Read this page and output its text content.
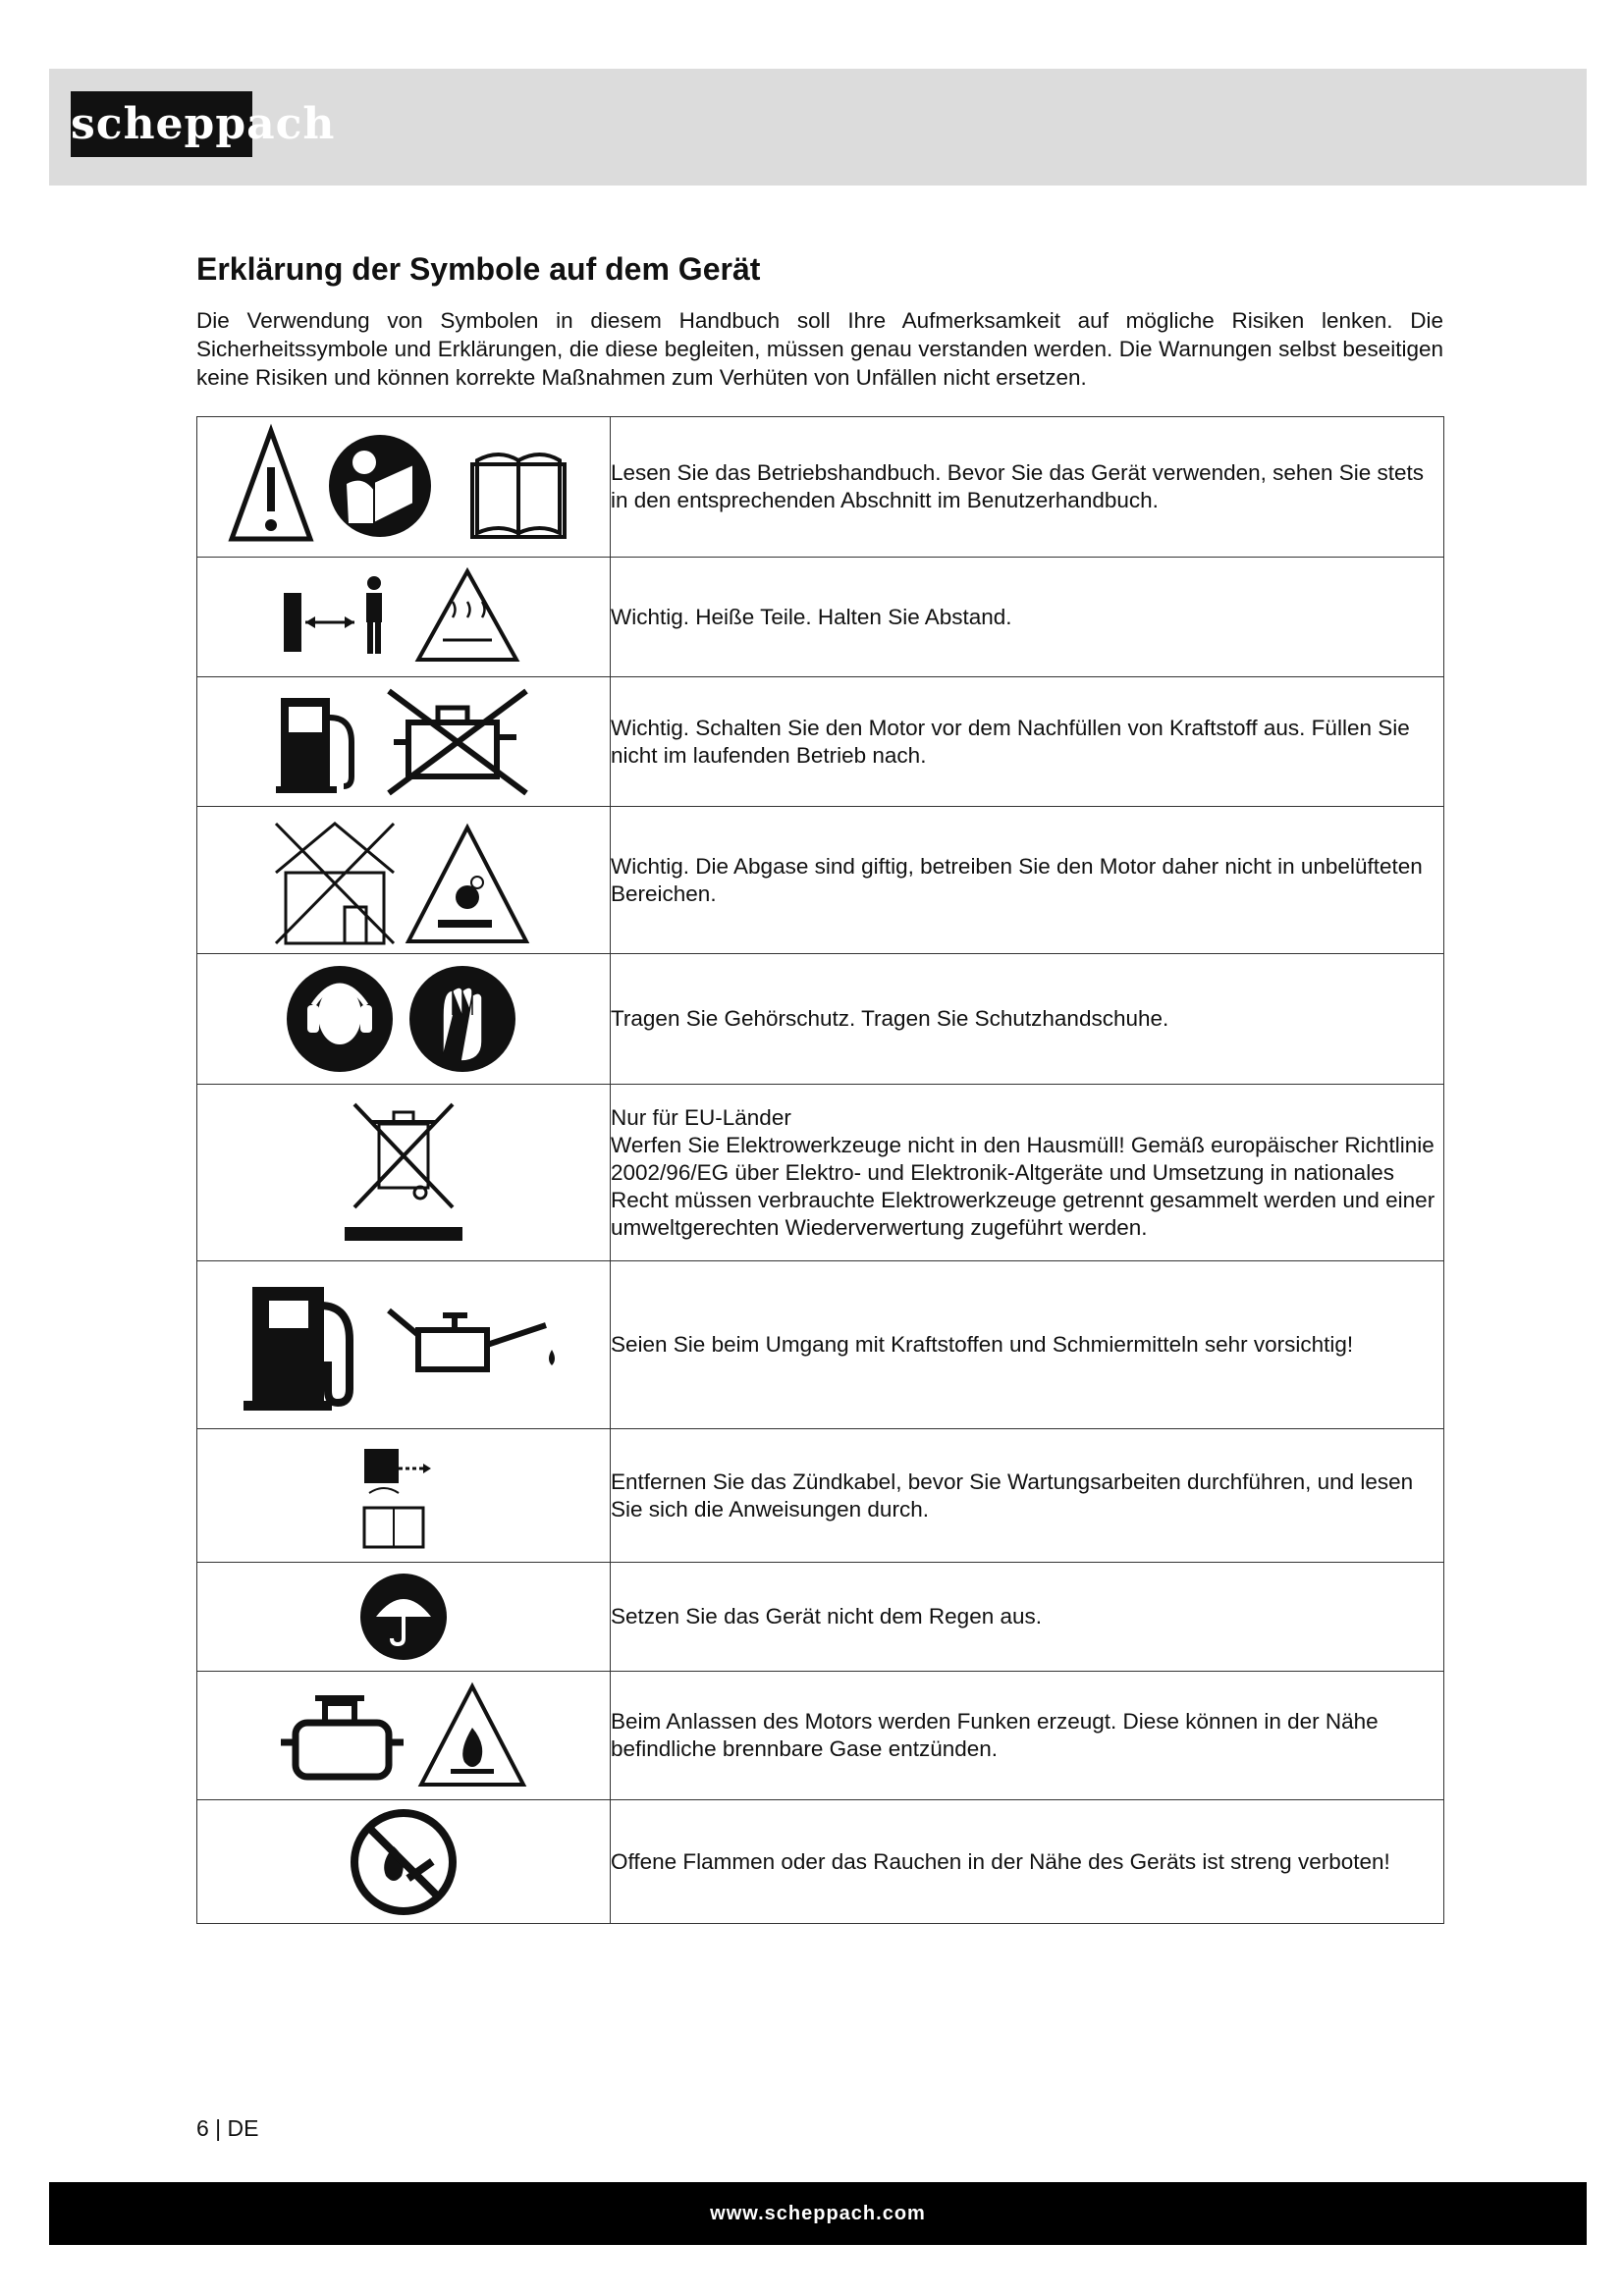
scheppach
Erklärung der Symbole auf dem Gerät

Die Verwendung von Symbolen in diesem Handbuch soll Ihre Aufmerksamkeit auf mögliche Risiken lenken. Die Sicherheitssymbole und Erklärungen, die diese begleiten, müssen genau verstanden werden. Die Warnungen selbst beseitigen keine Risiken und können korrekte Maßnahmen zum Verhüten von Unfällen nicht ersetzen.

	Lesen Sie das Betriebshandbuch. Bevor Sie das Gerät verwenden, sehen Sie stets in den entsprechenden Abschnitt im Benutzerhandbuch.

	Wichtig. Heiße Teile. Halten Sie Abstand.

	Wichtig. Schalten Sie den Motor vor dem Nachfüllen von Kraftstoff aus. Füllen Sie nicht im laufenden Betrieb nach.

	Wichtig. Die Abgase sind giftig, betreiben Sie den Motor daher nicht in unbelüfteten Bereichen.

	Tragen Sie Gehörschutz. Tragen Sie Schutzhandschuhe.

Nur für EU-Länder
Werfen Sie Elektrowerkzeuge nicht in den Hausmüll! Gemäß europäischer Richtlinie 2002/96/EG über Elektro- und Elektronik-Altgeräte und Umsetzung in nationales Recht müssen verbrauchte Elektrowerkzeuge getrennt gesammelt werden und einer umweltgerechten Wiederverwertung zugeführt werden.

	Seien Sie beim Umgang mit Kraftstoffen und Schmiermitteln sehr vorsichtig!

	Entfernen Sie das Zündkabel, bevor Sie Wartungsarbeiten durchführen, und lesen Sie sich die Anweisungen durch.

	Setzen Sie das Gerät nicht dem Regen aus.

	Beim Anlassen des Motors werden Funken erzeugt. Diese können in der Nähe befindliche brennbare Gase entzünden.

	Offene Flammen oder das Rauchen in der Nähe des Geräts ist streng verboten!
6 | DE
www.scheppach.com
